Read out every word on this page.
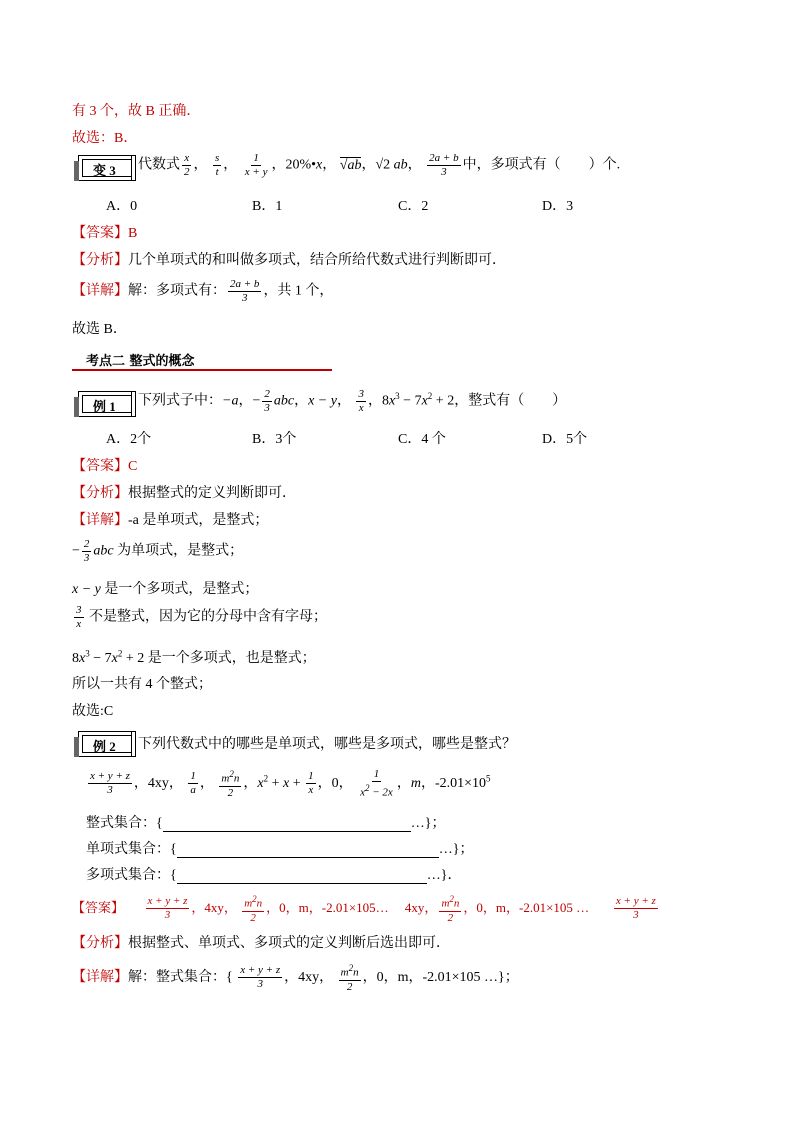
有 3 个，故 B 正确．
故选：B．
变 3 代数式 $\frac{x}{2}$ ， $\frac{s}{t}$ ， $\frac{1}{x + y}$ ，20%•x， √ab，√2 ab， $\frac{2a + b}{3}$ 中，多项式有（　　）个.
A．0	B．1	C．2	D．3
【答案】B
【分析】几个单项式的和叫做多项式，结合所给代数式进行判断即可．
【详解】解：多项式有： $\frac{2a + b}{3}$ ，共 1 个，
故选 B．
考点二 整式的概念
例 1 下列式子中：−a，− $\frac{2}{3}$ abc，x − y， $\frac{3}{x}$ ，$8x^3 - 7x^2 + 2$，整式有（　　）
A．2个	B．3个	C．4 个	D．5个
【答案】C
【分析】根据整式的定义判断即可．
【详解】-a 是单项式，是整式；
− $\frac{2}{3}$ abc 为单项式，是整式；
x − y 是一个多项式，是整式；
$\frac{3}{x}$ 不是整式，因为它的分母中含有字母；
$8x^3 - 7x^2 + 2$ 是一个多项式，也是整式；
所以一共有 4 个整式；
故选:C
例 2 下列代数式中的哪些是单项式，哪些是多项式，哪些是整式？
$\frac{x + y + z}{3}$ ，4xy， $\frac{1}{a}$ ， $\frac{m^2n}{2}$ ，$x^2 + x + \frac{1}{x}$ ，0， $\frac{1}{x^2 - 2x}$ ，m，$-2.01\times 10^5$
整式集合：{	…}；
单项式集合：{	…}；
多项式集合：{	…}．
【答案】 $\frac{x + y + z}{3}$ ，4xy， $\frac{m^2n}{2}$ ，0，m，-2.01×105… 4xy， $\frac{m^2n}{2}$ ，0，m，-2.01×105 … $\frac{x + y + z}{3}$
【分析】根据整式、单项式、多项式的定义判断后选出即可．
【详解】解：整式集合：{ $\frac{x + y + z}{3}$ ，4xy， $\frac{m^2n}{2}$ ，0，m，-2.01×105 …}；
